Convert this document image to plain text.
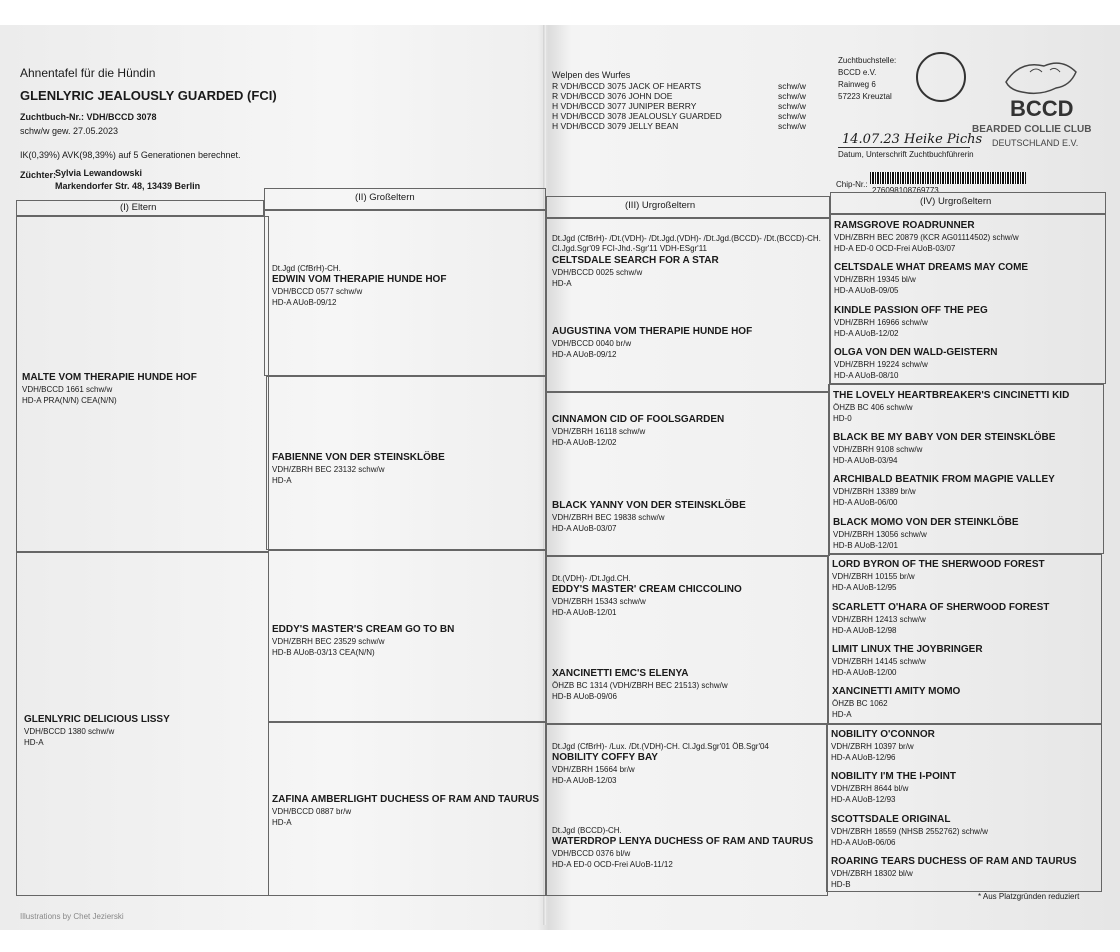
Ahnentafel für die Hündin
GLENLYRIC JEALOUSLY GUARDED (FCI)
Zuchtbuch-Nr.: VDH/BCCD 3078
schw/w gew. 27.05.2023
IK(0,39%) AVK(98,39%) auf 5 Generationen berechnet.
Züchter: Sylvia Lewandowski
Markendorfer Str. 48, 13439 Berlin
Welpen des Wurfes
R VDH/BCCD 3075 JACK OF HEARTS	schw/w
R VDH/BCCD 3076 JOHN DOE	schw/w
H VDH/BCCD 3077 JUNIPER BERRY	schw/w
H VDH/BCCD 3078 JEALOUSLY GUARDED	schw/w
H VDH/BCCD 3079 JELLY BEAN	schw/w
Zuchtbuchstelle:
BCCD e.V.
Rainweg 6
57223 Kreuztal	BCCD
BEARDED COLLIE CLUB
DEUTSCHLAND E.V.
14.07.23 Heike Pichs
Datum, Unterschrift Zuchtbuchführerin
Chip-Nr.:
276098108769773
(I) Eltern
(II) Großeltern
(III) Urgroßeltern	(IV) Urgroßeltern
MALTE VOM THERAPIE HUNDE HOF
VDH/BCCD 1661 schw/w
HD-A PRA(N/N) CEA(N/N)
GLENLYRIC DELICIOUS LISSY
VDH/BCCD 1380 schw/w
HD-A
Dt.Jgd (CfBrH)-CH.
EDWIN VOM THERAPIE HUNDE HOF
VDH/BCCD 0577 schw/w
HD-A AUoB-09/12
FABIENNE VON DER STEINSKLÖBE
VDH/ZBRH BEC 23132 schw/w
HD-A
EDDY'S MASTER'S CREAM GO TO BN
VDH/ZBRH BEC 23529 schw/w
HD-B AUoB-03/13 CEA(N/N)
ZAFINA AMBERLIGHT DUCHESS OF RAM AND TAURUS
VDH/BCCD 0887 br/w
HD-A
Dt.Jgd (CfBrH)- /Dt.(VDH)- /Dt.Jgd.(VDH)- /Dt.Jgd.(BCCD)- /Dt.(BCCD)-CH.
Cl.Jgd.Sgr'09 FCI-Jhd.-Sgr'11 VDH-ESgr'11
CELTSDALE SEARCH FOR A STAR
VDH/BCCD 0025 schw/w
HD-A
AUGUSTINA VOM THERAPIE HUNDE HOF
VDH/BCCD 0040 br/w
HD-A AUoB-09/12
CINNAMON CID OF FOOLSGARDEN
VDH/ZBRH 16118 schw/w
HD-A AUoB-12/02
BLACK YANNY VON DER STEINSKLÖBE
VDH/ZBRH BEC 19838 schw/w
HD-A AUoB-03/07
Dt.(VDH)- /Dt.Jgd.CH.
EDDY'S MASTER' CREAM CHICCOLINO
VDH/ZBRH 15343 schw/w
HD-A AUoB-12/01
XANCINETTI EMC'S ELENYA
ÖHZB BC 1314 (VDH/ZBRH BEC 21513) schw/w
HD-B AUoB-09/06
Dt.Jgd (CfBrH)- /Lux. /Dt.(VDH)-CH. Cl.Jgd.Sgr'01 ÖB.Sgr'04
NOBILITY COFFY BAY
VDH/ZBRH 15664 br/w
HD-A AUoB-12/03
Dt.Jgd (BCCD)-CH.
WATERDROP LENYA DUCHESS OF RAM AND TAURUS
VDH/BCCD 0376 bl/w
HD-A ED-0 OCD-Frei AUoB-11/12
RAMSGROVE ROADRUNNER
VDH/ZBRH BEC 20879 (KCR AG01114502) schw/w
HD-A ED-0 OCD-Frei AUoB-03/07
CELTSDALE WHAT DREAMS MAY COME
VDH/ZBRH 19345 bl/w
HD-A AUoB-09/05
KINDLE PASSION OFF THE PEG
VDH/ZBRH 16966 schw/w
HD-A AUoB-12/02
OLGA VON DEN WALD-GEISTERN
VDH/ZBRH 19224 schw/w
HD-A AUoB-08/10
THE LOVELY HEARTBREAKER'S CINCINETTI KID
ÖHZB BC 406 schw/w
HD-0
BLACK BE MY BABY VON DER STEINSKLÖBE
VDH/ZBRH 9108 schw/w
HD-A AUoB-03/94
ARCHIBALD BEATNIK FROM MAGPIE VALLEY
VDH/ZBRH 13389 br/w
HD-A AUoB-06/00
BLACK MOMO VON DER STEINKLÖBE
VDH/ZBRH 13056 schw/w
HD-B AUoB-12/01
LORD BYRON OF THE SHERWOOD FOREST
VDH/ZBRH 10155 br/w
HD-A AUoB-12/95
SCARLETT O'HARA OF SHERWOOD FOREST
VDH/ZBRH 12413 schw/w
HD-A AUoB-12/98
LIMIT LINUX THE JOYBRINGER
VDH/ZBRH 14145 schw/w
HD-A AUoB-12/00
XANCINETTI AMITY MOMO
ÖHZB BC 1062
HD-A
NOBILITY O'CONNOR
VDH/ZBRH 10397 br/w
HD-A AUoB-12/96
NOBILITY I'M THE I-POINT
VDH/ZBRH 8644 bl/w
HD-A AUoB-12/93
SCOTTSDALE ORIGINAL
VDH/ZBRH 18559 (NHSB 2552762) schw/w
HD-A AUoB-06/06
ROARING TEARS DUCHESS OF RAM AND TAURUS
VDH/ZBRH 18302 bl/w
HD-B
* Aus Platzgründen reduziert
Illustrations by Chet Jezierski
